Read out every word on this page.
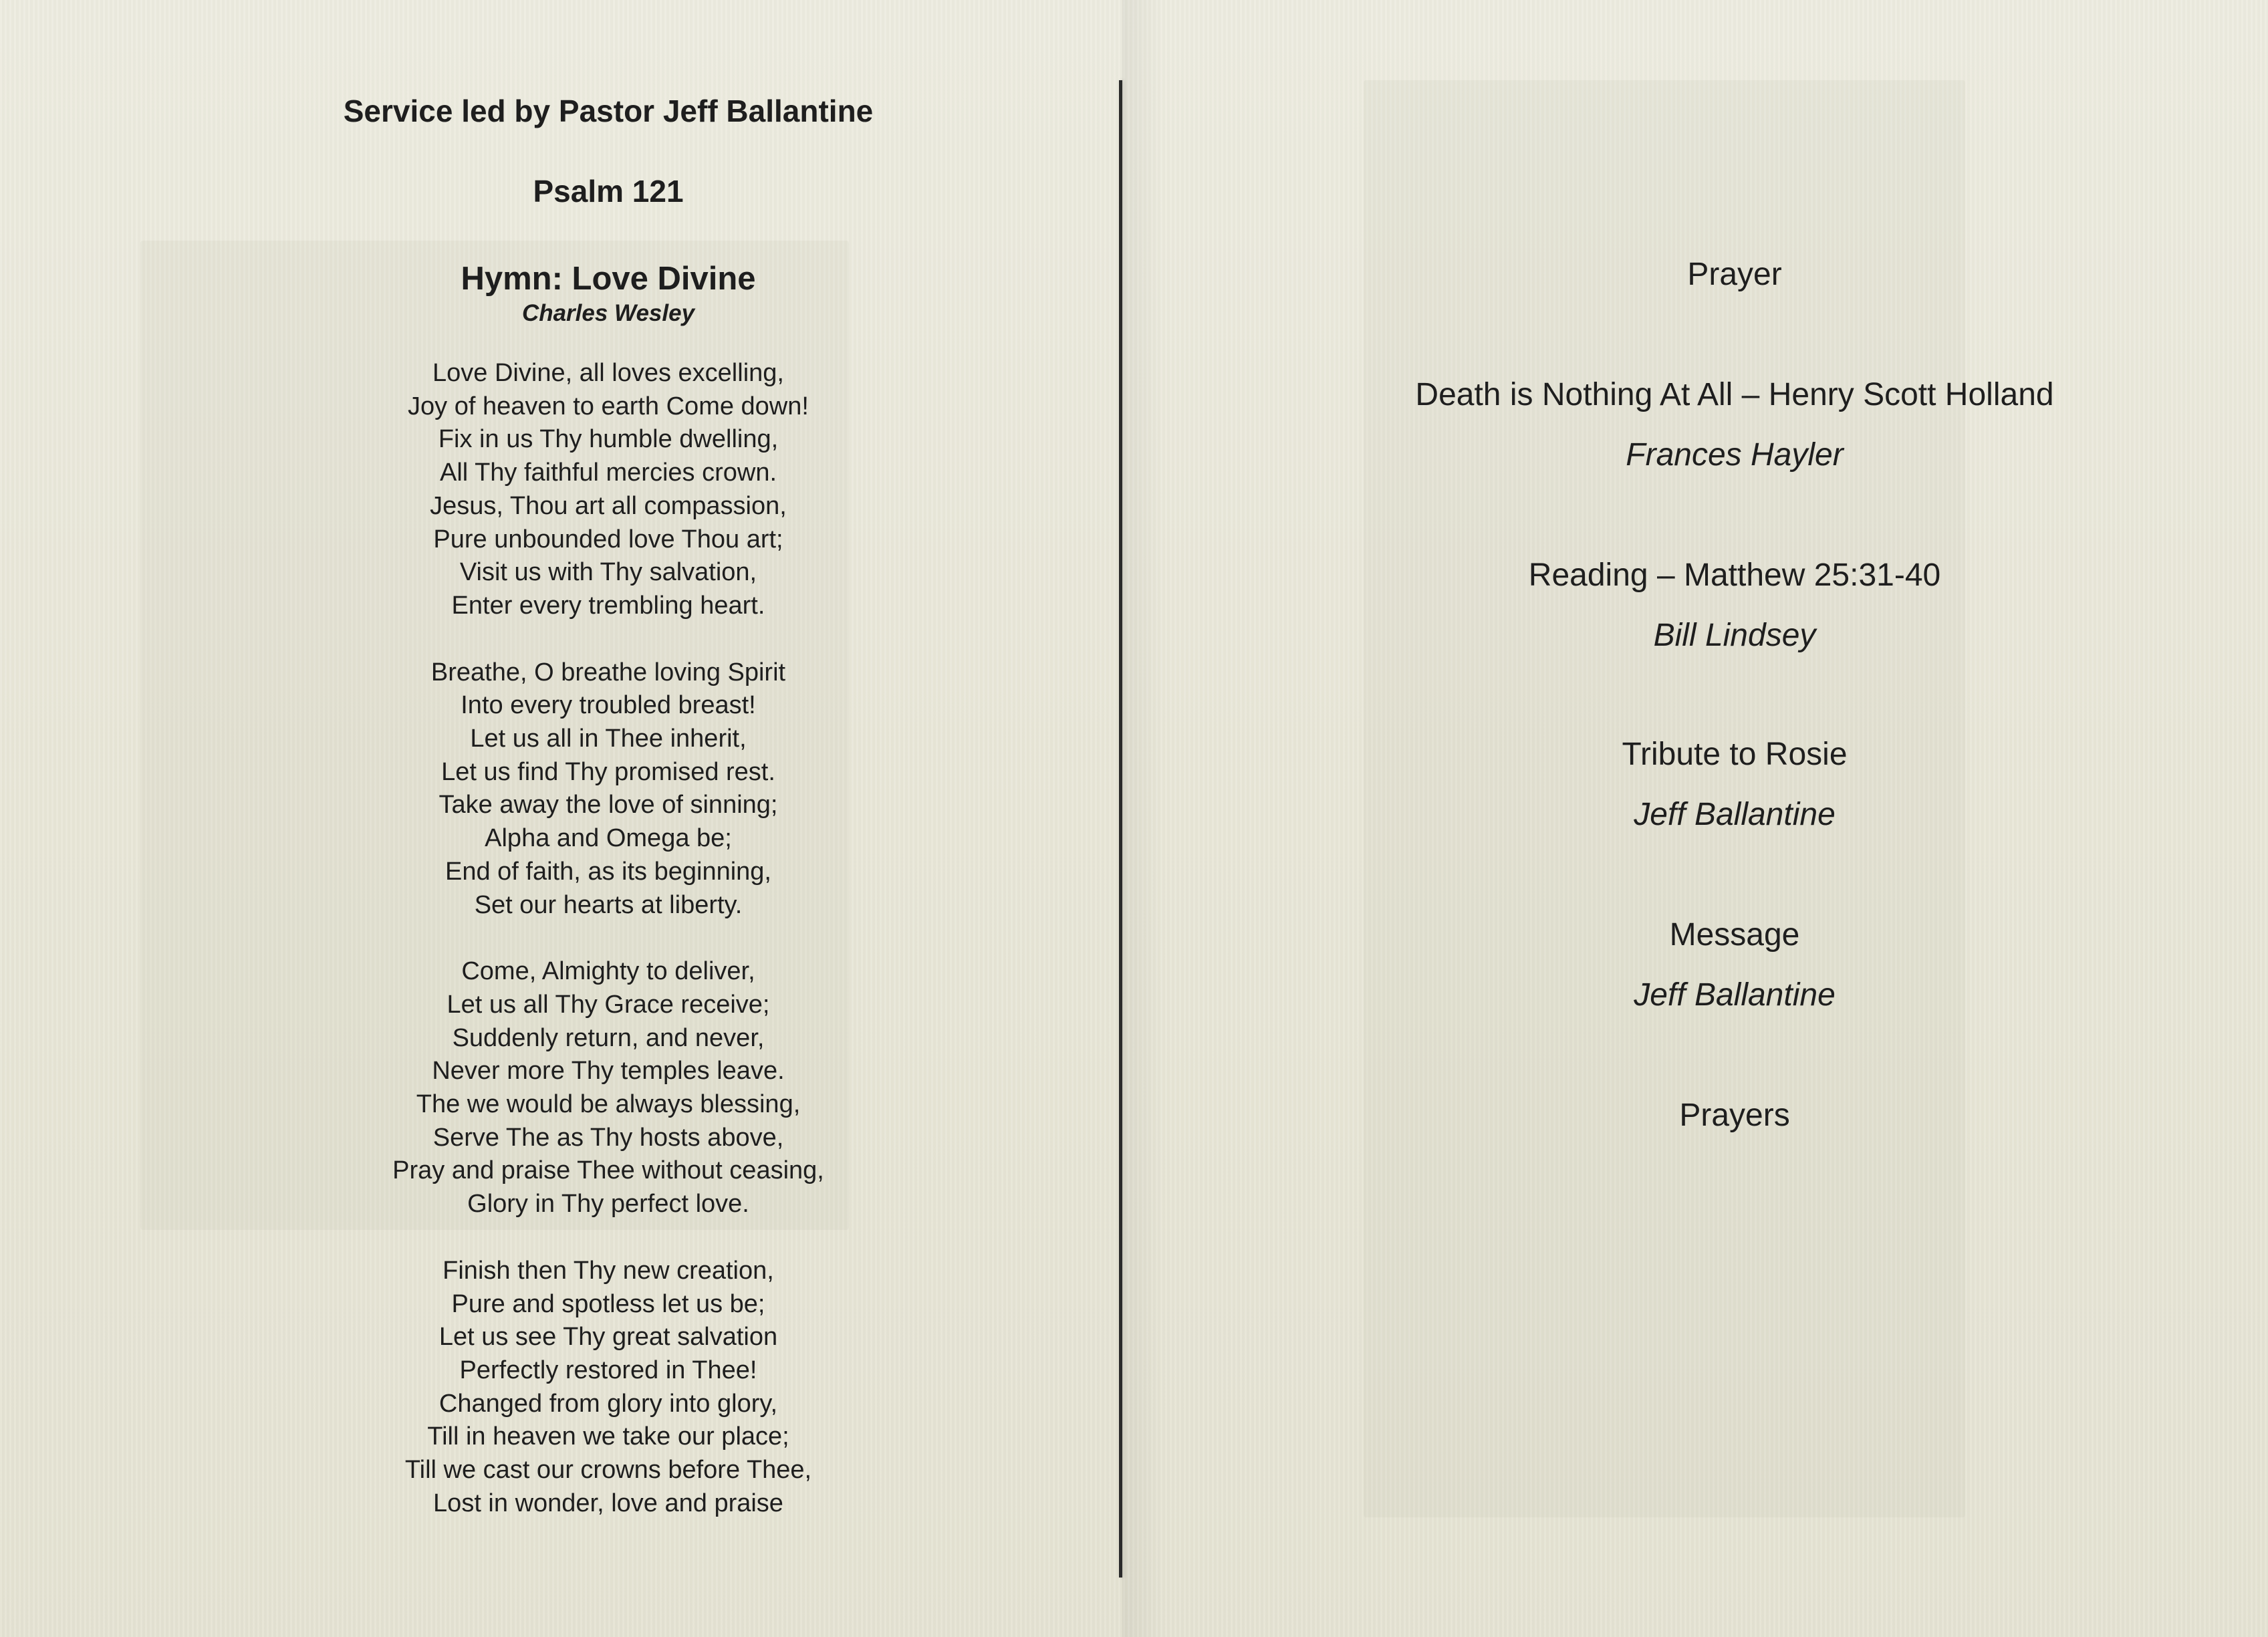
Service led by Pastor Jeff Ballantine
Psalm 121
Hymn: Love Divine
Charles Wesley
Love Divine, all loves excelling,
Joy of heaven to earth Come down!
Fix in us Thy humble dwelling,
All Thy faithful mercies crown.
Jesus, Thou art all compassion,
Pure unbounded love Thou art;
Visit us with Thy salvation,
Enter every trembling heart.
Breathe, O breathe loving Spirit
Into every troubled breast!
Let us all in Thee inherit,
Let us find Thy promised rest.
Take away the love of sinning;
Alpha and Omega be;
End of faith, as its beginning,
Set our hearts at liberty.
Come, Almighty to deliver,
Let us all Thy Grace receive;
Suddenly return, and never,
Never more Thy temples leave.
The we would be always blessing,
Serve The as Thy hosts above,
Pray and praise Thee without ceasing,
Glory in Thy perfect love.
Finish then Thy new creation,
Pure and spotless let us be;
Let us see Thy great salvation
Perfectly restored in Thee!
Changed from glory into glory,
Till in heaven we take our place;
Till we cast our crowns before Thee,
Lost in wonder, love and praise
Prayer
Death is Nothing At All – Henry Scott Holland
Frances Hayler
Reading – Matthew 25:31-40
Bill Lindsey
Tribute to Rosie
Jeff Ballantine
Message
Jeff Ballantine
Prayers
